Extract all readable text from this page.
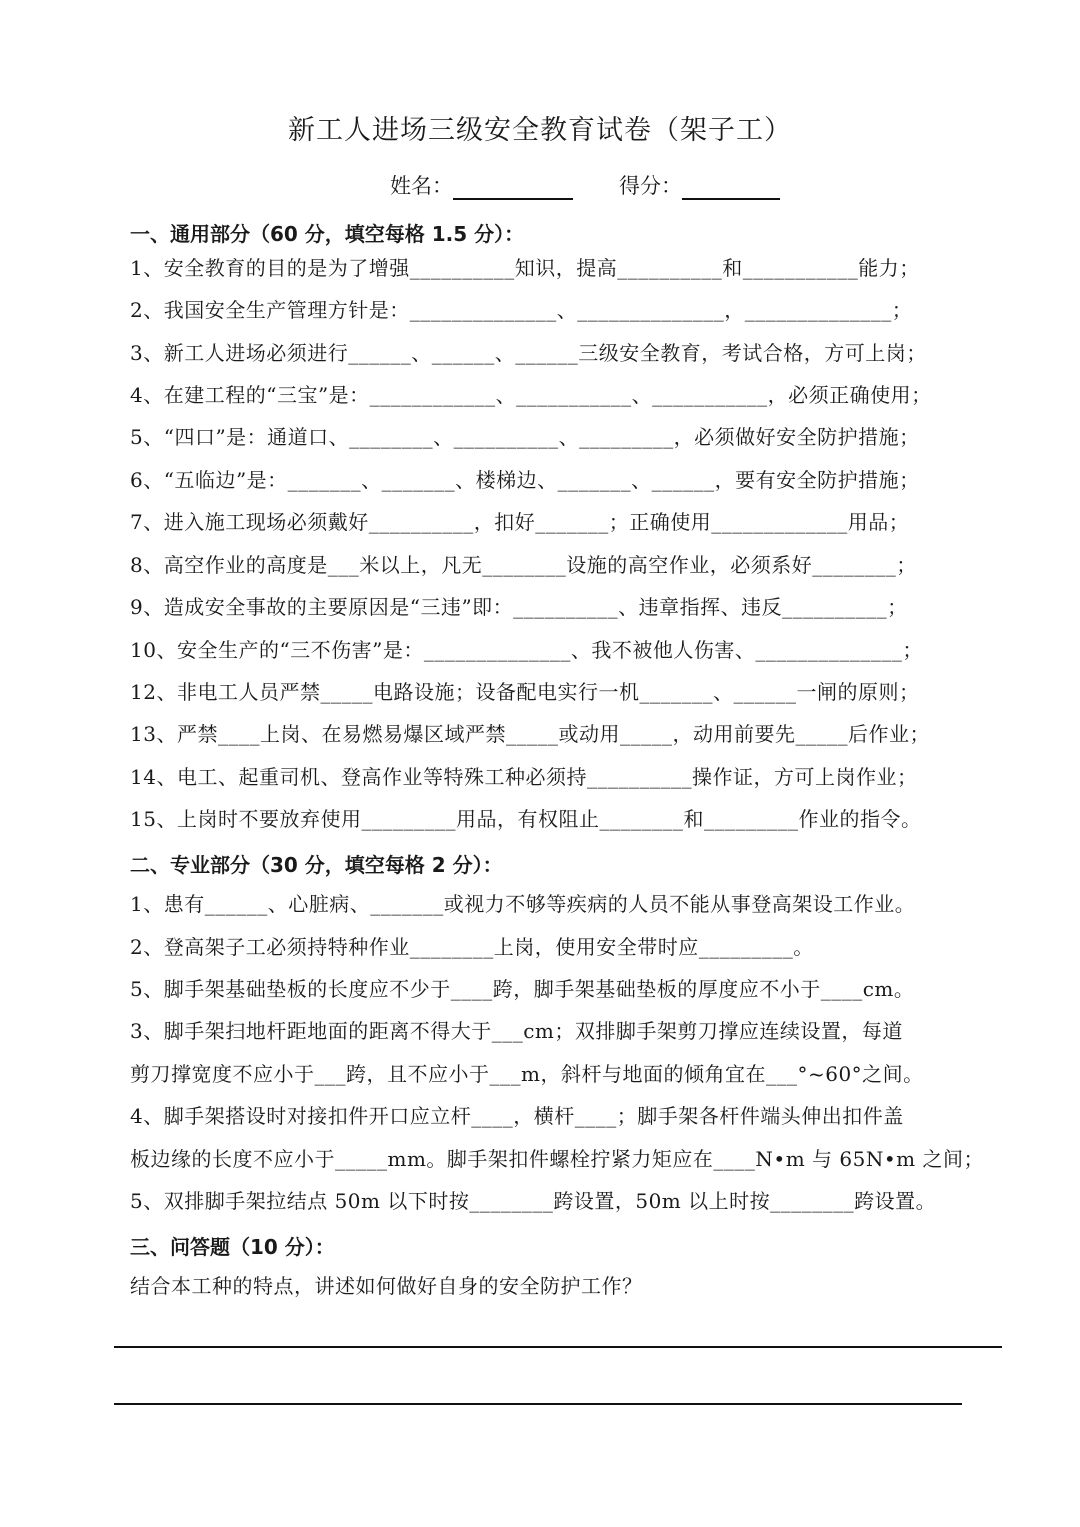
新工人进场三级安全教育试卷（架子工）
姓名：	得分：
一、通用部分（60 分，填空每格 1.5 分）：
1、安全教育的目的是为了增强__________知识，提高__________和___________能力；
2、我国安全生产管理方针是：______________、______________，______________；
3、新工人进场必须进行______、______、______三级安全教育，考试合格，方可上岗；
4、在建工程的“三宝”是：____________、___________、___________，必须正确使用；
5、“四口”是：通道口、________、__________、_________，必须做好安全防护措施；
6、“五临边”是：_______、_______、楼梯边、_______、______，要有安全防护措施；
7、进入施工现场必须戴好__________，扣好_______；正确使用_____________用品；
8、高空作业的高度是___米以上，凡无________设施的高空作业，必须系好________；
9、造成安全事故的主要原因是“三违”即：__________、违章指挥、违反__________；
10、安全生产的“三不伤害”是：______________、我不被他人伤害、______________；
12、非电工人员严禁_____电路设施；设备配电实行一机_______、______一闸的原则；
13、严禁____上岗、在易燃易爆区域严禁_____或动用_____，动用前要先_____后作业；
14、电工、起重司机、登高作业等特殊工种必须持__________操作证，方可上岗作业；
15、上岗时不要放弃使用_________用品，有权阻止________和_________作业的指令。
二、专业部分（30 分，填空每格 2 分）：
1、患有______、心脏病、_______或视力不够等疾病的人员不能从事登高架设工作业。
2、登高架子工必须持特种作业________上岗，使用安全带时应_________。
5、脚手架基础垫板的长度应不少于____跨，脚手架基础垫板的厚度应不小于____cm。
3、脚手架扫地杆距地面的距离不得大于___cm；双排脚手架剪刀撑应连续设置，每道
剪刀撑宽度不应小于___跨，且不应小于___m，斜杆与地面的倾角宜在___°~60°之间。
4、脚手架搭设时对接扣件开口应立杆____，横杆____；脚手架各杆件端头伸出扣件盖
板边缘的长度不应小于_____mm。脚手架扣件螺栓拧紧力矩应在____N•m 与 65N•m 之间；
5、双排脚手架拉结点 50m 以下时按________跨设置，50m 以上时按________跨设置。
三、问答题（10 分）：
结合本工种的特点，讲述如何做好自身的安全防护工作？
